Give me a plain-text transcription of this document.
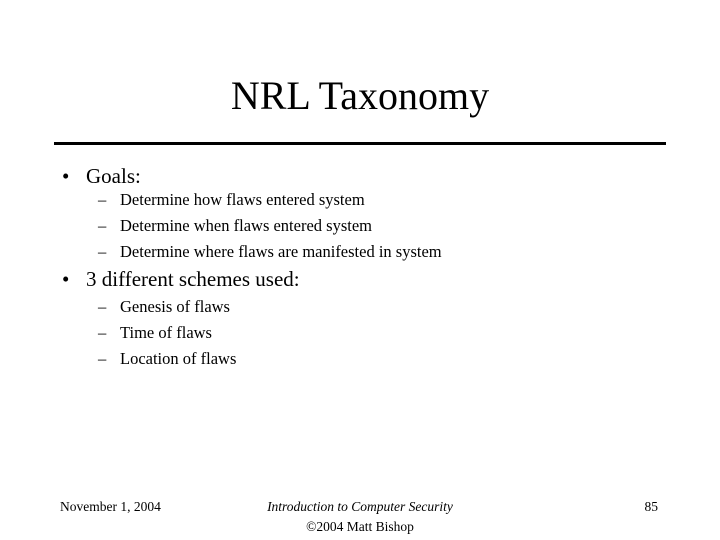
NRL Taxonomy
• Goals:
– Determine how flaws entered system
– Determine when flaws entered system
– Determine where flaws are manifested in system
• 3 different schemes used:
– Genesis of flaws
– Time of flaws
– Location of flaws
November 1, 2004	Introduction to Computer Security
©2004 Matt Bishop
85
